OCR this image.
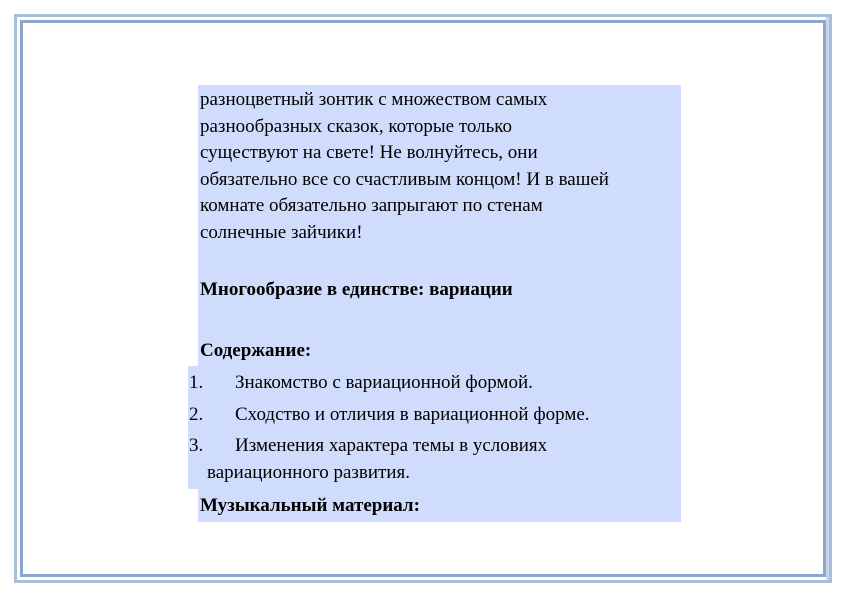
разноцветный зонтик с множеством самых
разнообразных сказок, которые только
существуют на свете! Не волнуйтесь, они
обязательно все со счастливым концом! И в вашей
комнате обязательно запрыгают по стенам
солнечные зайчики!

Многообразие в единстве: вариации

Содержание:

1. Знакомство с вариационной формой.
2. Сходство и отличия в вариационной форме.
3. Изменения характера темы в условиях
вариационного развития.

Музыкальный материал:
